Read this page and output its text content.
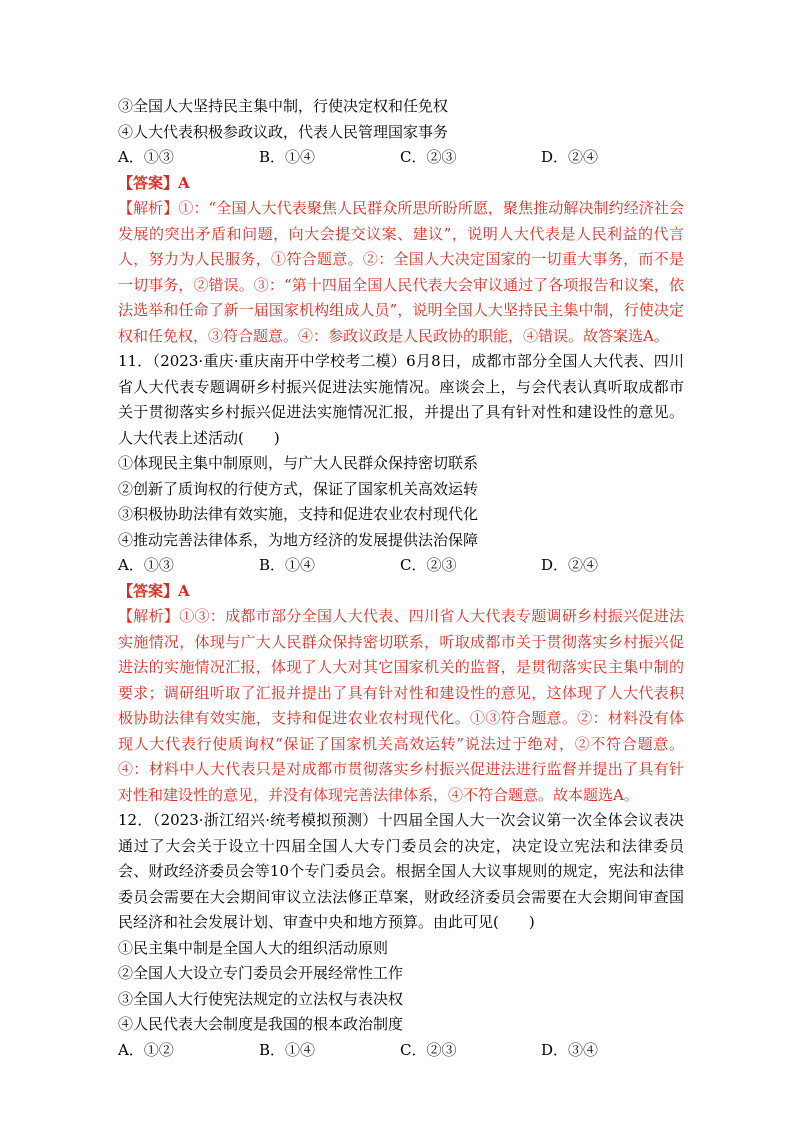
③全国人大坚持民主集中制，行使决定权和任免权
④人大代表积极参政议政，代表人民管理国家事务
A．①③	B．①④	C．②③	D．②④
【答案】A
【解析】①：“全国人大代表聚焦人民群众所思所盼所愿，聚焦推动解决制约经济社会发展的突出矛盾和问题，向大会提交议案、建议”，说明人大代表是人民利益的代言人，努力为人民服务，①符合题意。②：全国人大决定国家的一切重大事务，而不是一切事务，②错误。③：“第十四届全国人民代表大会审议通过了各项报告和议案，依法选举和任命了新一届国家机构组成人员”，说明全国人大坚持民主集中制，行使决定权和任免权，③符合题意。④：参政议政是人民政协的职能，④错误。故答案选A。
11．（2023·重庆·重庆南开中学校考二模）6月8日，成都市部分全国人大代表、四川省人大代表专题调研乡村振兴促进法实施情况。座谈会上，与会代表认真听取成都市关于贯彻落实乡村振兴促进法实施情况汇报，并提出了具有针对性和建设性的意见。人大代表上述活动(　　)
①体现民主集中制原则，与广大人民群众保持密切联系
②创新了质询权的行使方式，保证了国家机关高效运转
③积极协助法律有效实施，支持和促进农业农村现代化
④推动完善法律体系，为地方经济的发展提供法治保障
A．①③	B．①④	C．②③	D．②④
【答案】A
【解析】①③：成都市部分全国人大代表、四川省人大代表专题调研乡村振兴促进法实施情况，体现与广大人民群众保持密切联系，听取成都市关于贯彻落实乡村振兴促进法的实施情况汇报，体现了人大对其它国家机关的监督，是贯彻落实民主集中制的要求；调研组听取了汇报并提出了具有针对性和建设性的意见，这体现了人大代表积极协助法律有效实施，支持和促进农业农村现代化。①③符合题意。②：材料没有体现人大代表行使质询权“保证了国家机关高效运转”说法过于绝对，②不符合题意。④：材料中人大代表只是对成都市贯彻落实乡村振兴促进法进行监督并提出了具有针对性和建设性的意见，并没有体现完善法律体系，④不符合题意。故本题选A。
12．（2023·浙江绍兴·统考模拟预测）十四届全国人大一次会议第一次全体会议表决通过了大会关于设立十四届全国人大专门委员会的决定，决定设立宪法和法律委员会、财政经济委员会等10个专门委员会。根据全国人大议事规则的规定，宪法和法律委员会需要在大会期间审议立法法修正草案，财政经济委员会需要在大会期间审查国民经济和社会发展计划、审查中央和地方预算。由此可见(　　)
①民主集中制是全国人大的组织活动原则
②全国人大设立专门委员会开展经常性工作
③全国人大行使宪法规定的立法权与表决权
④人民代表大会制度是我国的根本政治制度
A．①②	B．①④	C．②③	D．③④
